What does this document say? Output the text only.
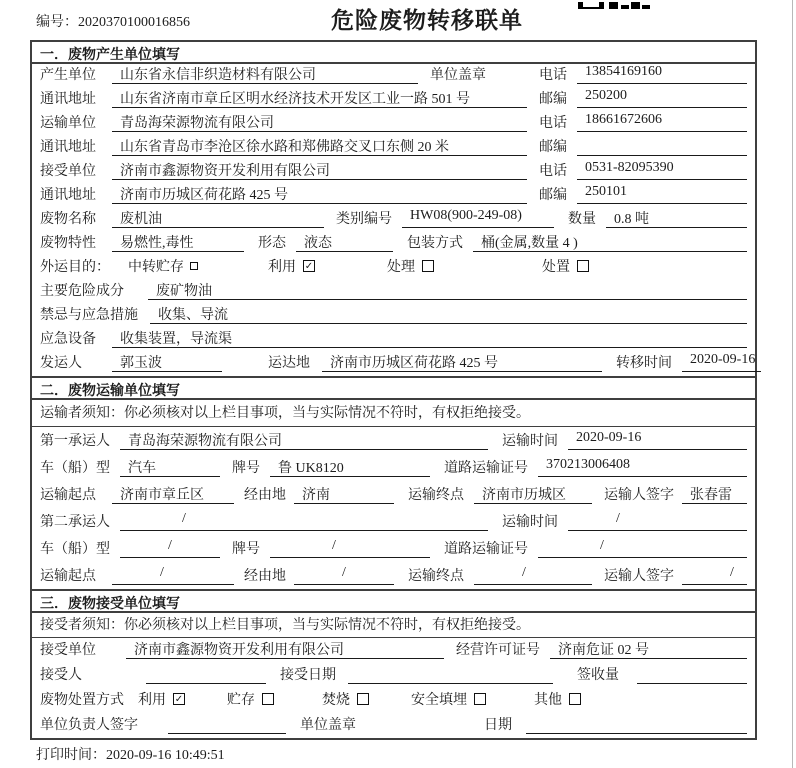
编号：2020370100016856	危险废物转移联单
一．废物产生单位填写
产生单位	山东省永信非织造材料有限公司	单位盖章	电话	13854169160
通讯地址	山东省济南市章丘区明水经济技术开发区工业一路 501 号	邮编	250200
运输单位	青岛海荣源物流有限公司	电话	18661672606
通讯地址	山东省青岛市李沧区徐水路和郑佛路交叉口东侧 20 米	邮编
接受单位	济南市鑫源物资开发利用有限公司	电话	0531-82095390
通讯地址	济南市历城区荷花路 425 号	邮编	250101
废物名称	废机油	类别编号	HW08(900-249-08)	数量	0.8 吨
废物特性	易燃性,毒性	形态	液态	包装方式	桶(金属,数量 4 )
外运目的： 中转贮存	利用 ✓	处理	处置
主要危险成分	废矿物油
禁忌与应急措施	收集、导流
应急设备	收集装置，导流渠
发运人	郭玉波	运达地	济南市历城区荷花路 425 号	转移时间	2020-09-16
二．废物运输单位填写
运输者须知：你必须核对以上栏目事项，当与实际情况不符时，有权拒绝接受。
第一承运人	青岛海荣源物流有限公司	运输时间	2020-09-16
车（船）型	汽车	牌号	鲁 UK8120	道路运输证号	370213006408
运输起点	济南市章丘区	经由地	济南	运输终点	济南市历城区	运输人签字	张春雷
第二承运人	/	运输时间	/
车（船）型	/	牌号	/	道路运输证号	/
运输起点	/	经由地	/	运输终点	/	运输人签字	/
三．废物接受单位填写
接受者须知：你必须核对以上栏目事项，当与实际情况不符时，有权拒绝接受。
接受单位	济南市鑫源物资开发利用有限公司	经营许可证号	济南危证 02 号
接受人	接受日期	签收量
废物处置方式 利用 ✓	贮存	焚烧	安全填埋	其他
单位负责人签字	单位盖章	日期
打印时间：2020-09-16 10:49:51
